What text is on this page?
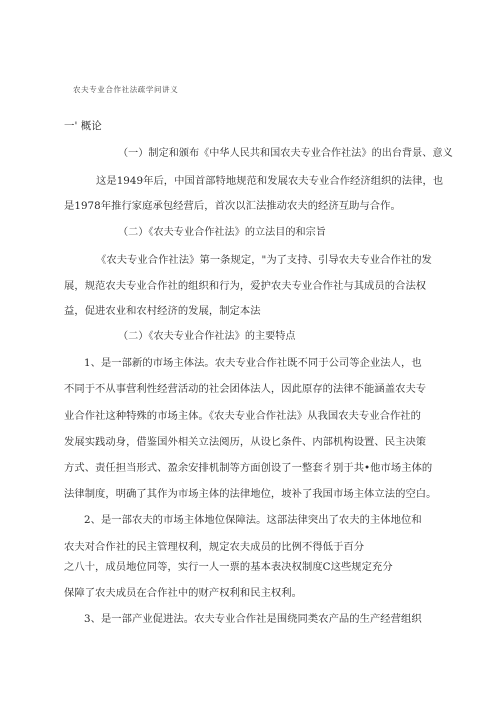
农夫专业合作社法疏学问讲义
一' 概论
（一）制定和颁布《中华人民共和国农夫专业合作社法》的出台背景、意义
这是1949年后，中国首部特地规范和发展农夫专业合作经济组织的法律，也
是1978年推行家庭承包经营后，首次以汇法推动农夫的经济互助与合作。
（二）《农夫专业合作社法》的立法目的和宗旨
《农夫专业合作社法》第一条规定，"为了支持、引导农夫专业合作社的发
展，规范农夫专业合作社的组织和行为，爱护农夫专业合作社与其成员的合法权
益，促进农业和农村经济的发展，制定本法
（二）《农夫专业合作社法》的主要特点
1、是一部新的市场主体法。农夫专业合作社既不同于公司等企业法人，也
不同于不从事营利性经营活动的社会团体法人，因此原存的法律不能涵盖农夫专
业合作社这种特殊的市场主体。《农夫专业合作社法》从我国农夫专业合作社的
发展实践动身，借鉴国外相关立法阅历，从设匕条件、内部机构设置、民主决策
方式、责任担当形式、盈余安排机制等方面创设了一整套彳别于共•他市场主体的
法律制度，明确了其作为市场主体的法律地位，坡补了我国市场主体立法的空白。
2、是一部农夫的市场主体地位保障法。这部法律突出了农夫的主体地位和
农夫对合作社的民主管理权利，规定农夫成员的比例不得低于百分
之八十，成员地位同等，实行一人一票的基本表决权制度C这些规定充分
保障了农夫成员在合作社中的财产权利和民主权利。
3、是一部产业促进法。农夫专业合作社是围绕同类农产品的生产经营组织
